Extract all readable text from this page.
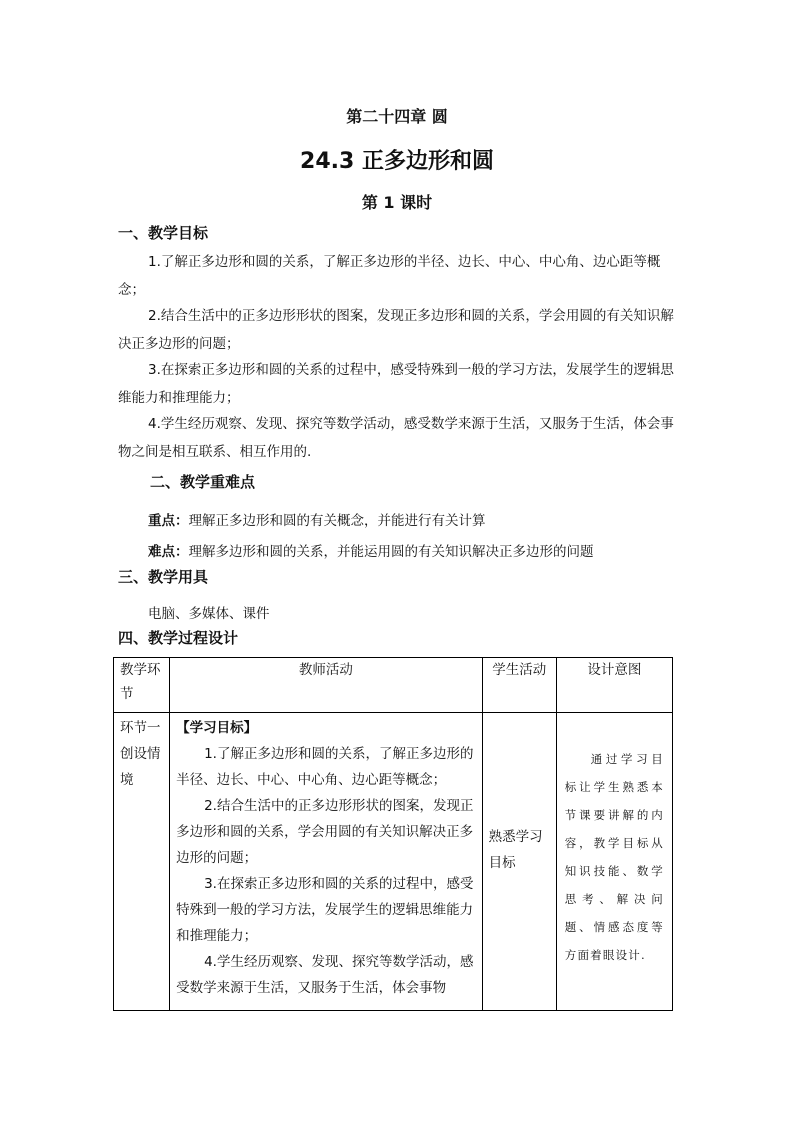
第二十四章 圆
24.3 正多边形和圆
第 1 课时
一、教学目标
1.了解正多边形和圆的关系，了解正多边形的半径、边长、中心、中心角、边心距等概念；
2.结合生活中的正多边形形状的图案，发现正多边形和圆的关系，学会用圆的有关知识解决正多边形的问题；
3.在探索正多边形和圆的关系的过程中，感受特殊到一般的学习方法，发展学生的逻辑思维能力和推理能力；
4.学生经历观察、发现、探究等数学活动，感受数学来源于生活，又服务于生活，体会事物之间是相互联系、相互作用的.
二、教学重难点
重点：理解正多边形和圆的有关概念，并能进行有关计算
难点：理解多边形和圆的关系，并能运用圆的有关知识解决正多边形的问题
三、教学用具
电脑、多媒体、课件
四、教学过程设计
教学环节	教师活动	学生活动	设计意图
环节一创设情境	【学习目标】
1.了解正多边形和圆的关系，了解正多边形的半径、边长、中心、中心角、边心距等概念；
2.结合生活中的正多边形形状的图案，发现正多边形和圆的关系，学会用圆的有关知识解决正多边形的问题；
3.在探索正多边形和圆的关系的过程中，感受特殊到一般的学习方法，发展学生的逻辑思维能力和推理能力；
4.学生经历观察、发现、探究等数学活动，感受数学来源于生活，又服务于生活，体会事物	熟悉学习目标	通过学习目标让学生熟悉本节课要讲解的内容，教学目标从知识技能、数学思考、解决问题、情感态度等方面着眼设计.
